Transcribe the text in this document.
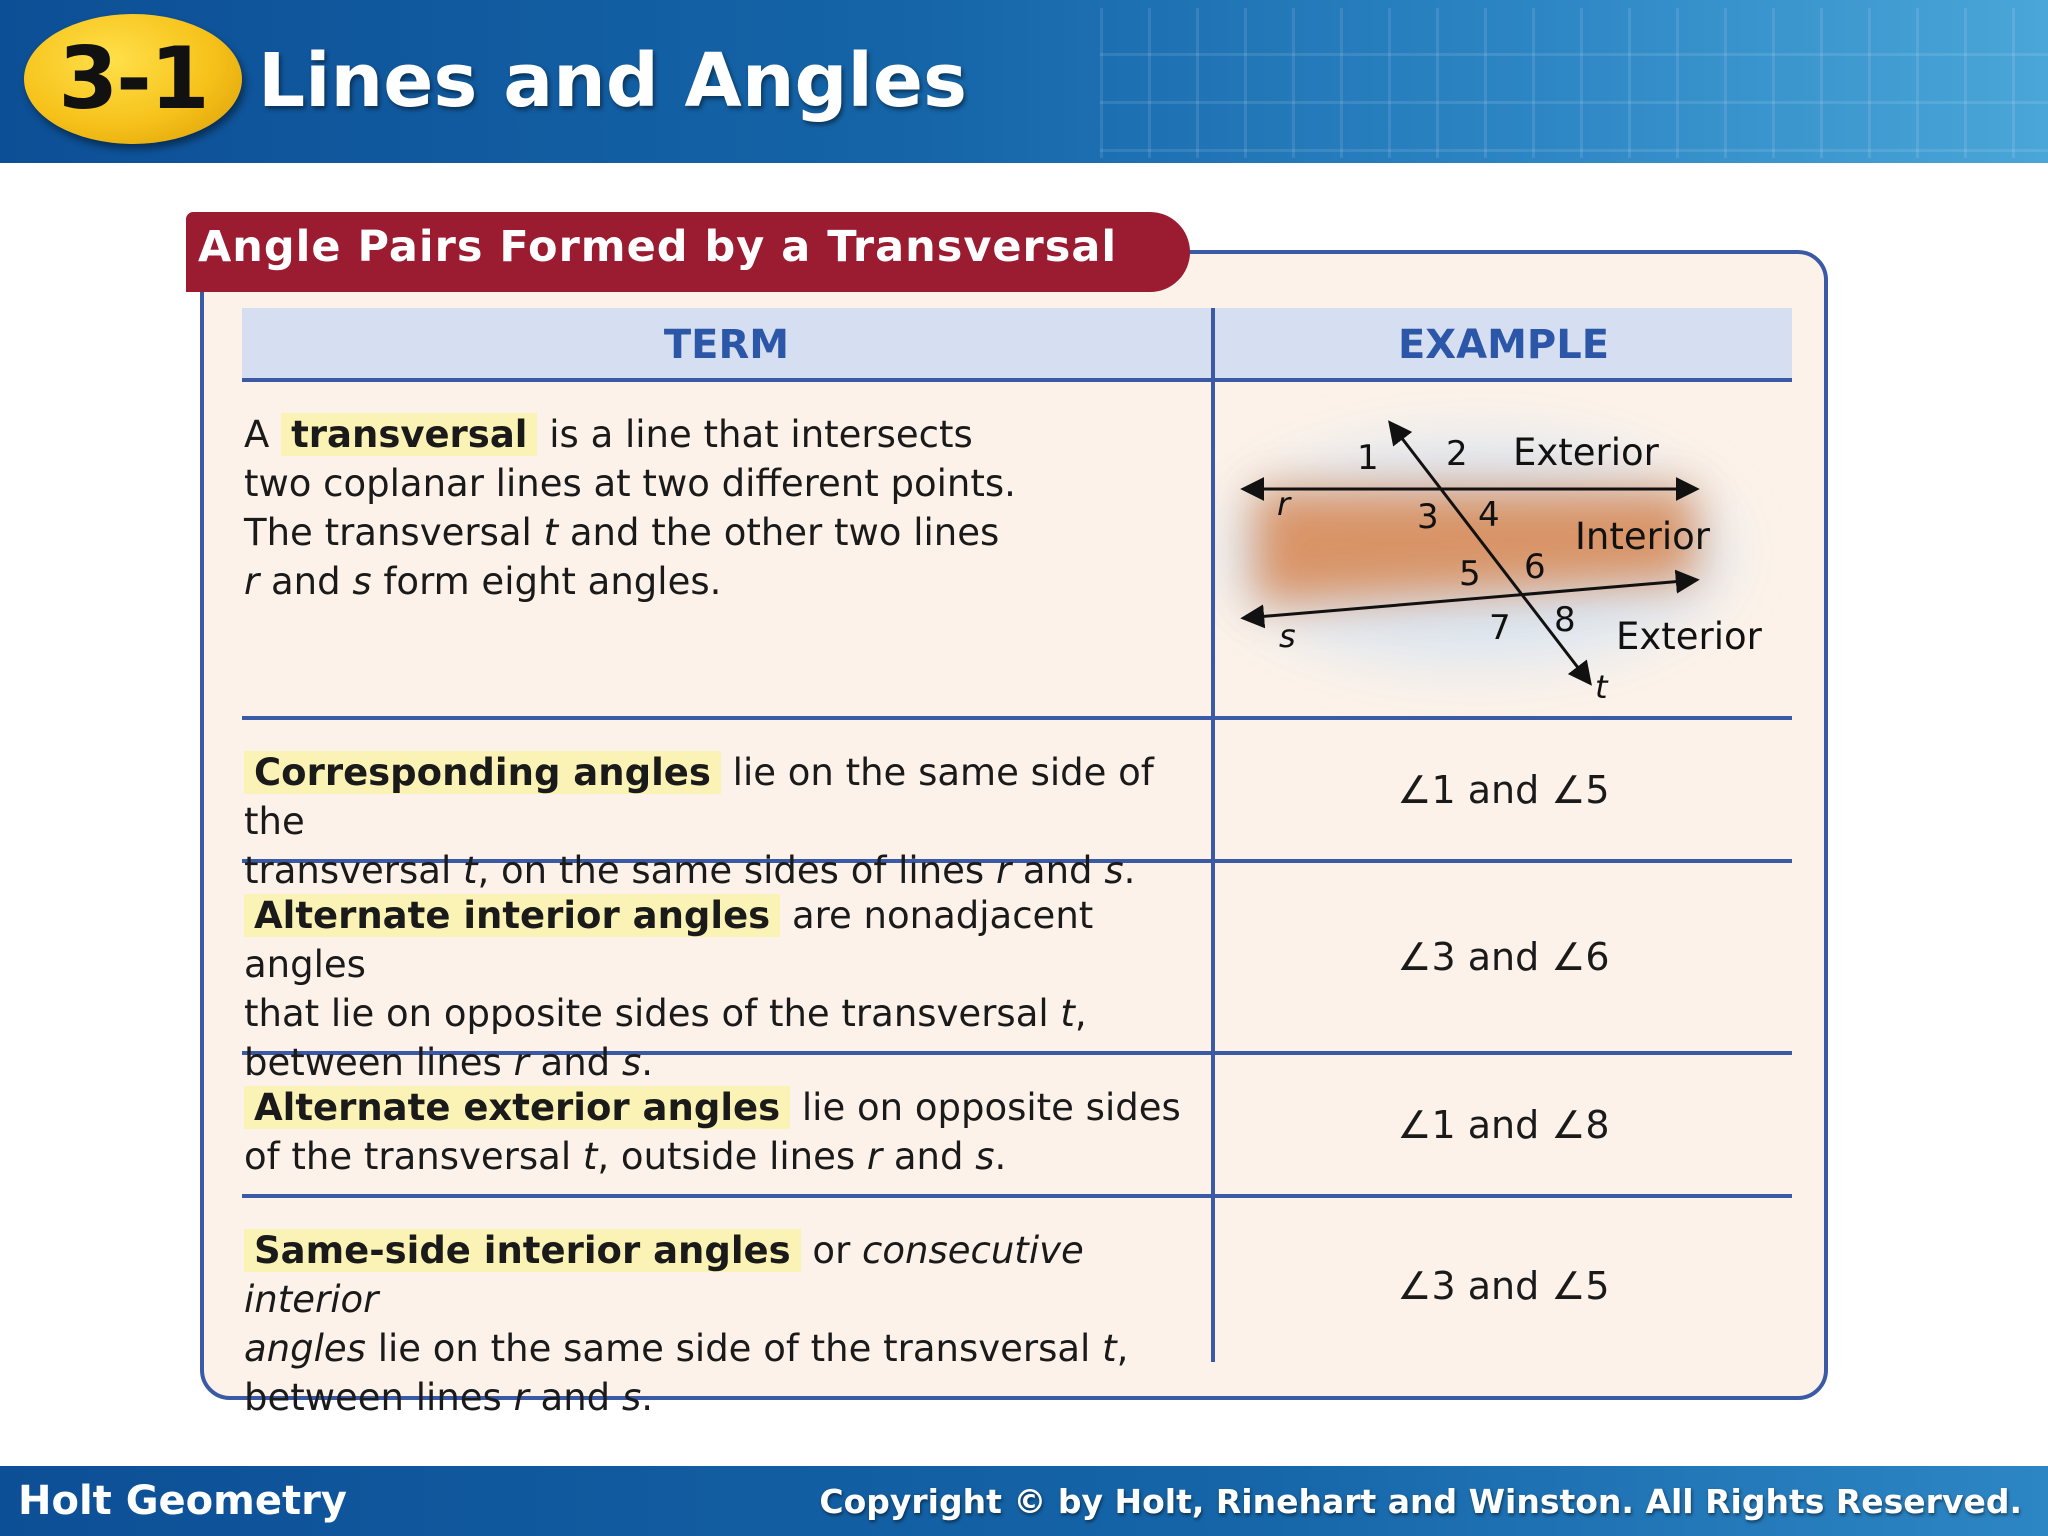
3-1 Lines and Angles
Angle Pairs Formed by a Transversal
TERM	EXAMPLE
A transversal is a line that intersects
two coplanar lines at two different points.
The transversal t and the other two lines
r and s form eight angles.
1 2
3 4
5 6
7 8
r
s
t
Exterior
Interior
Exterior
Corresponding angles lie on the same side of the
transversal t, on the same sides of lines r and s.
∠1 and ∠5
Alternate interior angles are nonadjacent angles
that lie on opposite sides of the transversal t,
between lines r and s.
∠3 and ∠6
Alternate exterior angles lie on opposite sides
of the transversal t, outside lines r and s.
∠1 and ∠8
Same-side interior angles or consecutive interior
angles lie on the same side of the transversal t,
between lines r and s.
∠3 and ∠5
Holt Geometry	Copyright © by Holt, Rinehart and Winston. All Rights Reserved.
